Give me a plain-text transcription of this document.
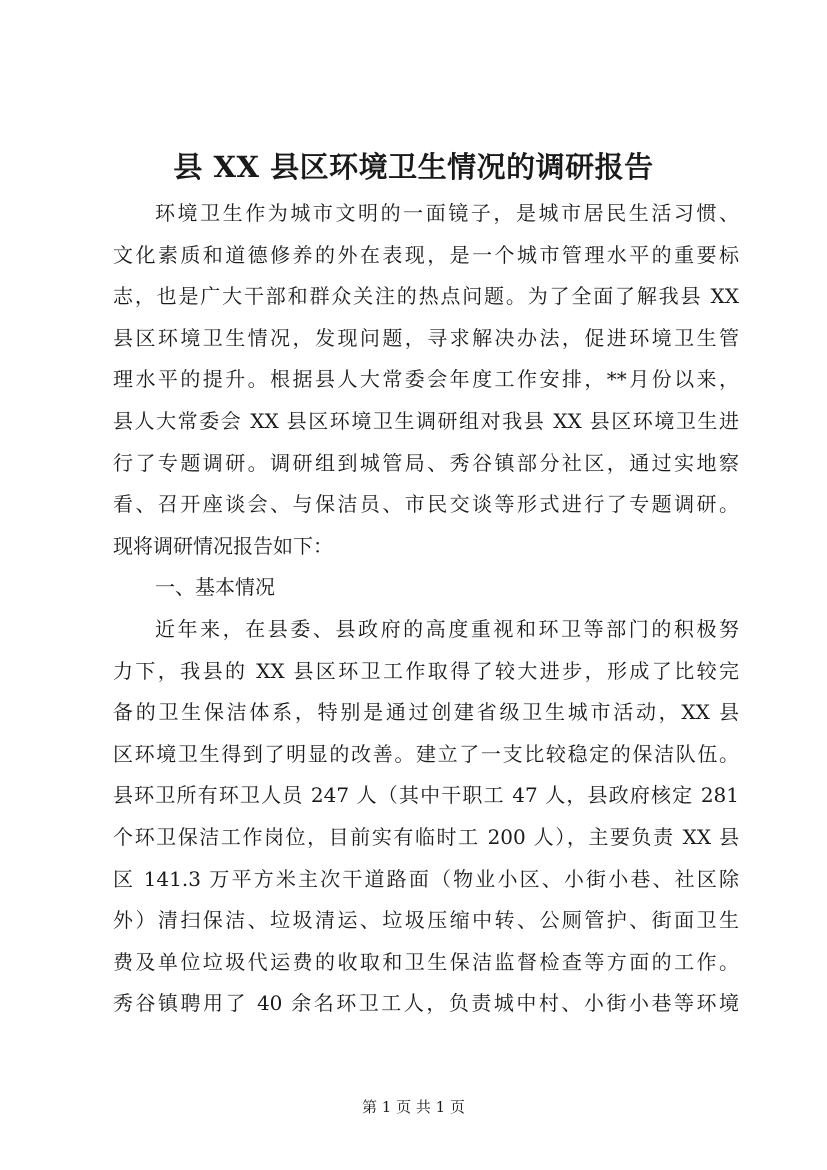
县 XX 县区环境卫生情况的调研报告
环境卫生作为城市文明的一面镜子，是城市居民生活习惯、
文化素质和道德修养的外在表现，是一个城市管理水平的重要标
志，也是广大干部和群众关注的热点问题。为了全面了解我县 XX
县区环境卫生情况，发现问题，寻求解决办法，促进环境卫生管
理水平的提升。根据县人大常委会年度工作安排，**月份以来，
县人大常委会 XX 县区环境卫生调研组对我县 XX 县区环境卫生进
行了专题调研。调研组到城管局、秀谷镇部分社区，通过实地察
看、召开座谈会、与保洁员、市民交谈等形式进行了专题调研。
现将调研情况报告如下：
一、基本情况
近年来，在县委、县政府的高度重视和环卫等部门的积极努
力下，我县的 XX 县区环卫工作取得了较大进步，形成了比较完
备的卫生保洁体系，特别是通过创建省级卫生城市活动，XX 县
区环境卫生得到了明显的改善。建立了一支比较稳定的保洁队伍。
县环卫所有环卫人员 247 人（其中干职工 47 人，县政府核定 281
个环卫保洁工作岗位，目前实有临时工 200 人），主要负责 XX 县
区 141.3 万平方米主次干道路面（物业小区、小街小巷、社区除
外）清扫保洁、垃圾清运、垃圾压缩中转、公厕管护、街面卫生
费及单位垃圾代运费的收取和卫生保洁监督检查等方面的工作。
秀谷镇聘用了 40 余名环卫工人，负责城中村、小街小巷等环境
第 1 页 共 1 页
